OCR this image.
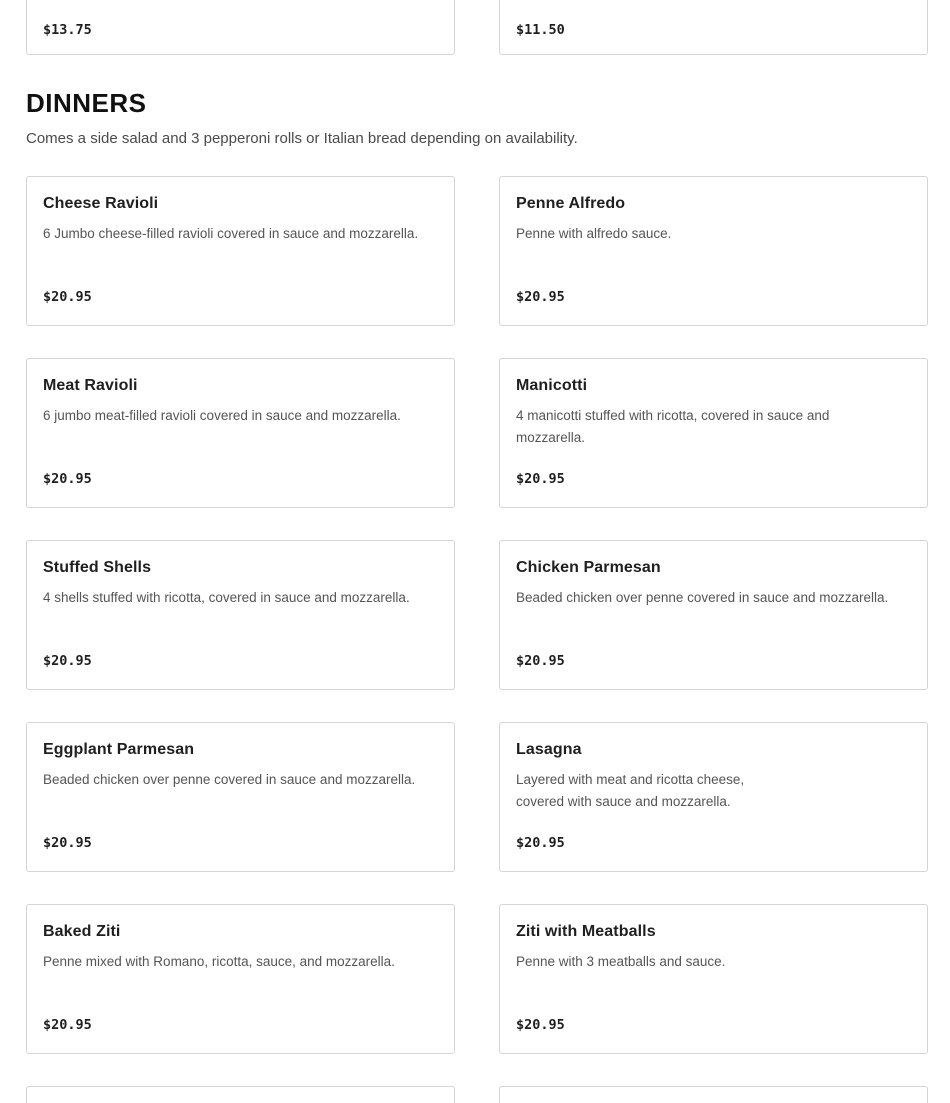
$13.75	$11.50
DINNERS

Comes a side salad and 3 pepperoni rolls or Italian bread depending on availability.

Cheese Ravioli
6 Jumbo cheese-filled ravioli covered in sauce and mozzarella.
$20.95
Penne Alfredo
Penne with alfredo sauce.
$20.95
Meat Ravioli
6 jumbo meat-filled ravioli covered in sauce and mozzarella.
$20.95
Manicotti
4 manicotti stuffed with ricotta, covered in sauce and mozzarella.
$20.95
Stuffed Shells
4 shells stuffed with ricotta, covered in sauce and mozzarella.
$20.95
Chicken Parmesan
Beaded chicken over penne covered in sauce and mozzarella.
$20.95
Eggplant Parmesan
Beaded chicken over penne covered in sauce and mozzarella.
$20.95
Lasagna
Layered with meat and ricotta cheese, covered with sauce and mozzarella.
$20.95
Baked Ziti
Penne mixed with Romano, ricotta, sauce, and mozzarella.
$20.95
Ziti with Meatballs
Penne with 3 meatballs and sauce.
$20.95
